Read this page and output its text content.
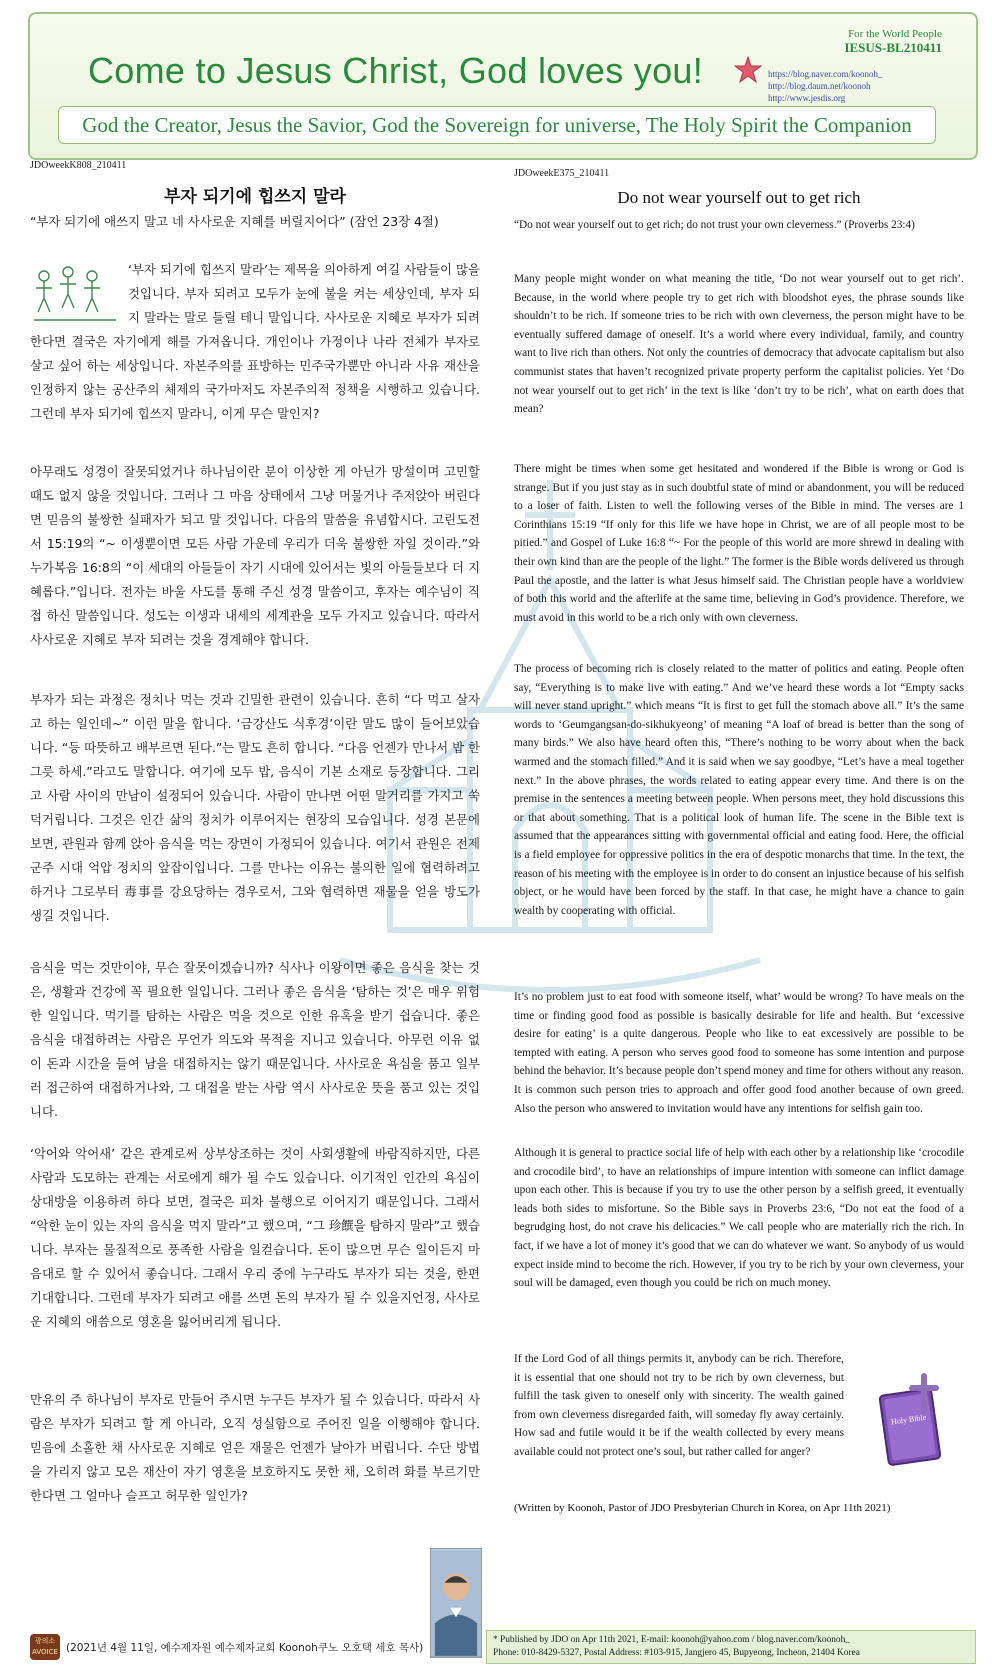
Come to Jesus Christ, God loves you!
For the World People
IESUS-BL210411
https://blog.naver.com/koonoh_  http://blog.daum.net/koonoh
http://www.jesdis.org
God the Creator, Jesus the Savior, God the Sovereign for universe, The Holy Spirit the Companion
JDOweekK808_210411
부자 되기에 힙쓰지 말라
“부자 되기에 애쓰지 말고 네 사사로운 지혜를 버릴지어다” (잠언 23장 4절)
‘부자 되기에 힙쓰지 말라’는 제목을 의아하게 여길 사람들이 많을 것입니다. 부자 되려고 모두가 눈에 불을 켜는 세상인데, 부자 되지 말라는 말로 들릴 테니 말입니다. 사사로운 지혜로 부자가 되려 한다면 결국은 자기에게 해를 가져옵니다. 개인이나 가정이나 나라 전체가 부자로 살고 싶어 하는 세상입니다. 자본주의를 표방하는 민주국가뿐만 아니라 사유 재산을 인정하지 않는 공산주의 체제의 국가마저도 자본주의적 정책을 시행하고 있습니다. 그런데 부자 되기에 힙쓰지 말라니, 이게 무슨 말인지?
아무래도 성경이 잘못되었거나 하나님이란 분이 이상한 게 아닌가 망설이며 고민할 때도 없지 않을 것입니다. 그러나 그 마음 상태에서 그냥 머물거나 주저앉아 버린다면 믿음의 불쌍한 실패자가 되고 말 것입니다. 다음의 말씀을 유념합시다. 고린도전서 15:19의 “~ 이생뿐이면 모든 사람 가운데 우리가 더욱 불쌍한 자일 것이라.”와 누가복음 16:8의 “이 세대의 아들들이 자기 시대에 있어서는 빛의 아들들보다 더 지혜롭다.”입니다. 전자는 바울 사도를 통해 주신 성경 말씀이고, 후자는 예수님이 직접 하신 말씀입니다. 성도는 이생과 내세의 세계관을 모두 가지고 있습니다. 따라서 사사로운 지혜로 부자 되려는 것을 경계해야 합니다.
부자가 되는 과정은 정치나 먹는 것과 긴밀한 관련이 있습니다. 흔히 “다 먹고 살자고 하는 일인데~” 이런 말을 합니다. ‘금강산도 식후경’이란 말도 많이 들어보았습니다. “등 따뜻하고 배부르면 된다.”는 말도 흔히 합니다. “다음 언젠가 만나서 밥 한 그릇 하세.”라고도 말합니다. 여기에 모두 밥, 음식이 기본 소재로 등장합니다. 그리고 사람 사이의 만남이 설정되어 있습니다. 사람이 만나면 어떤 말거리를 가지고 쑥덕거립니다. 그것은 인간 삶의 정치가 이루어지는 현장의 모습입니다. 성경 본문에 보면, 관원과 함께 앉아 음식을 먹는 장면이 가정되어 있습니다. 여기서 관원은 전제군주 시대 억압 정치의 앞잡이입니다. 그를 만나는 이유는 불의한 일에 협력하려고 하거나 그로부터 毒事를 강요당하는 경우로서, 그와 협력하면 재물을 얻을 방도가 생길 것입니다.
음식을 먹는 것만이야, 무슨 잘못이겠습니까? 식사나 이왕이면 좋은 음식을 찾는 것은, 생활과 건강에 꼭 필요한 일입니다. 그러나 좋은 음식을 ‘탐하는 것’은 매우 위험한 일입니다. 먹기를 탐하는 사람은 먹을 것으로 인한 유혹을 받기 쉽습니다. 좋은 음식을 대접하려는 사람은 무언가 의도와 목적을 지니고 있습니다. 아무런 이유 없이 돈과 시간을 들여 남을 대접하지는 않기 때문입니다. 사사로운 욕심을 품고 일부러 접근하여 대접하거나와, 그 대접을 받는 사람 역시 사사로운 뜻을 품고 있는 것입니다.
‘악어와 악어새’ 같은 관계로써 상부상조하는 것이 사회생활에 바람직하지만, 다른 사람과 도모하는 관계는 서로에게 해가 될 수도 있습니다. 이기적인 인간의 욕심이 상대방을 이용하려 하다 보면, 결국은 피차 불행으로 이어지기 때문입니다. 그래서 “악한 눈이 있는 자의 음식을 먹지 말라”고 했으며, “그 珍饌을 탐하지 말라”고 했습니다. 부자는 물질적으로 풍족한 사람을 일컫습니다. 돈이 많으면 무슨 일이든지 마음대로 할 수 있어서 좋습니다. 그래서 우리 중에 누구라도 부자가 되는 것을, 한편 기대합니다. 그런데 부자가 되려고 애를 쓰면 돈의 부자가 될 수 있을지언정, 사사로운 지혜의 애씀으로 영혼을 잃어버리게 됩니다.
만유의 주 하나님이 부자로 만들어 주시면 누구든 부자가 될 수 있습니다. 따라서 사람은 부자가 되려고 할 게 아니라, 오직 성실함으로 주어진 일을 이행해야 합니다. 믿음에 소홀한 채 사사로운 지혜로 얻은 재물은 언젠가 날아가 버립니다. 수단 방법을 가리지 않고 모은 재산이 자기 영혼을 보호하지도 못한 채, 오히려 화를 부르기만 한다면 그 얼마나 슬프고 허무한 일인가?
JDOweekE375_210411
Do not wear yourself out to get rich
“Do not wear yourself out to get rich; do not trust your own cleverness.” (Proverbs 23:4)
Many people might wonder on what meaning the title, ‘Do not wear yourself out to get rich’. Because, in the world where people try to get rich with bloodshot eyes, the phrase sounds like shouldn’t to be rich. If someone tries to be rich with own cleverness, the person might have to be eventually suffered damage of oneself. It’s a world where every individual, family, and country want to live rich than others. Not only the countries of democracy that advocate capitalism but also communist states that haven’t recognized private property perform the capitalist policies. Yet ‘Do not wear yourself out to get rich’ in the text is like ‘don’t try to be rich’, what on earth does that mean?
There might be times when some get hesitated and wondered if the Bible is wrong or God is strange. But if you just stay as in such doubtful state of mind or abandonment, you will be reduced to a loser of faith. Listen to well the following verses of the Bible in mind. The verses are 1 Corinthians 15:19 “If only for this life we have hope in Christ, we are of all people most to be pitied.” and Gospel of Luke 16:8 “~ For the people of this world are more shrewd in dealing with their own kind than are the people of the light.” The former is the Bible words delivered us through Paul the apostle, and the latter is what Jesus himself said. The Christian people have a worldview of both this world and the afterlife at the same time, believing in God’s providence. Therefore, we must avoid in this world to be a rich only with own cleverness.
The process of becoming rich is closely related to the matter of politics and eating. People often say, “Everything is to make live with eating.” And we’ve heard these words a lot “Empty sacks will never stand upright.” which means “It is first to get full the stomach above all.” It’s the same words to ‘Geumgangsan-do-sikhukyeong’ of meaning “A loaf of bread is better than the song of many birds.” We also have heard often this, “There’s nothing to be worry about when the back warmed and the stomach filled.” And it is said when we say goodbye, “Let’s have a meal together next.” In the above phrases, the words related to eating appear every time. And there is on the premise in the sentences a meeting between people. When persons meet, they hold discussions this or that about something. That is a political look of human life. The scene in the Bible text is assumed that the appearances sitting with governmental official and eating food. Here, the official is a field employee for oppressive politics in the era of despotic monarchs that time. In the text, the reason of his meeting with the employee is in order to do consent an injustice because of his selfish object, or he would have been forced by the staff. In that case, he might have a chance to gain wealth by cooperating with official.
It’s no problem just to eat food with someone itself, what’ would be wrong? To have meals on the time or finding good food as possible is basically desirable for life and health. But ‘excessive desire for eating’ is a quite dangerous. People who like to eat excessively are possible to be tempted with eating. A person who serves good food to someone has some intention and purpose behind the behavior. It’s because people don’t spend money and time for others without any reason. It is common such person tries to approach and offer good food another because of own greed. Also the person who answered to invitation would have any intentions for selfish gain too.
Although it is general to practice social life of help with each other by a relationship like ‘crocodile and crocodile bird’, to have an relationships of impure intention with someone can inflict damage upon each other. This is because if you try to use the other person by a selfish greed, it eventually leads both sides to misfortune. So the Bible says in Proverbs 23:6, “Do not eat the food of a begrudging host, do not crave his delicacies.” We call people who are materially rich the rich. In fact, if we have a lot of money it’s good that we can do whatever we want. So anybody of us would expect inside mind to become the rich. However, if you try to be rich by your own cleverness, your soul will be damaged, even though you could be rich on much money.
If the Lord God of all things permits it, anybody can be rich. Therefore, it is essential that one should not try to be rich by own cleverness, but fulfill the task given to oneself only with sincerity. The wealth gained from own cleverness disregarded faith, will someday fly away certainly. How sad and futile would it be if the wealth collected by every means available could not protect one’s soul, but rather called for anger?
Holy Bible
(Written by Koonoh, Pastor of JDO Presbyterian Church in Korea, on Apr 11th 2021)
광의소 AVOICE (2021년 4월 11일, 예수제자원 예수제자교회 Koonoh쿠노 오호택 세호 목사)
* Published by JDO on Apr 11th 2021, E-mail: koonoh@yahoo.com / blog.naver.com/koonoh_
Phone: 010-8429-5327, Postal Address: #103-915, Jangjero 45, Bupyeong, Incheon, 21404 Korea
